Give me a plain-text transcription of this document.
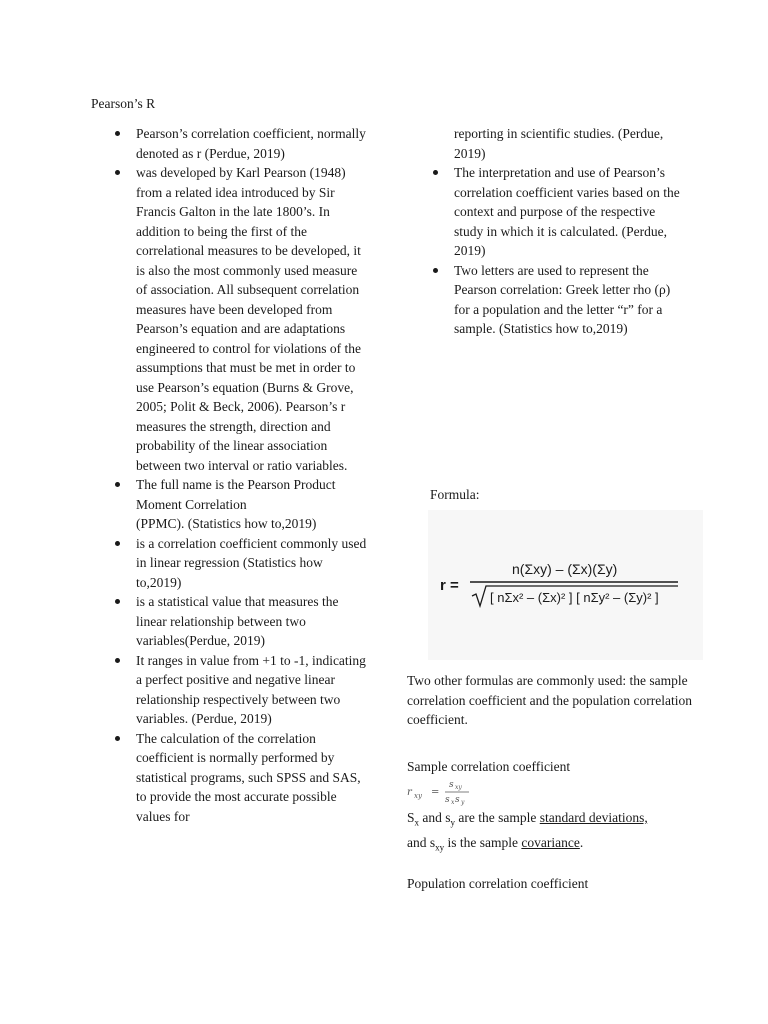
Pearson’s R
Pearson’s correlation coefficient, normally denoted as r (Perdue, 2019)
was developed by Karl Pearson (1948) from a related idea introduced by Sir Francis Galton in the late 1800’s. In addition to being the first of the correlational measures to be developed, it is also the most commonly used measure of association. All subsequent correlation measures have been developed from Pearson’s equation and are adaptations engineered to control for violations of the assumptions that must be met in order to use Pearson’s equation (Burns & Grove, 2005; Polit & Beck, 2006). Pearson’s r measures the strength, direction and probability of the linear association between two interval or ratio variables.
The full name is the Pearson Product Moment Correlation
(PPMC). (Statistics how to,2019)
is a correlation coefficient commonly used in linear regression (Statistics how to,2019)
is a statistical value that measures the linear relationship between two variables(Perdue, 2019)
It ranges in value from +1 to -1, indicating a perfect positive and negative linear relationship respectively between two variables. (Perdue, 2019)
The calculation of the correlation coefficient is normally performed by statistical programs, such SPSS and SAS, to provide the most accurate possible values for
reporting in scientific studies. (Perdue, 2019)
The interpretation and use of Pearson’s correlation coefficient varies based on the context and purpose of the respective study in which it is calculated. (Perdue, 2019)
Two letters are used to represent the Pearson correlation: Greek letter rho (ρ) for a population and the letter “r” for a sample. (Statistics how to,2019)
Formula:
r =
n(Σxy) – (Σx)(Σy)
[ nΣx² – (Σx)² ] [ nΣy² – (Σy)² ]
Two other formulas are commonly used: the sample correlation coefficient and the population correlation coefficient.
Sample correlation coefficient
r xy =
s xy
s x s y
$S_x$ and $s_y$ are the sample standard deviations,
and $s_{xy}$ is the sample covariance.
Population correlation coefficient
